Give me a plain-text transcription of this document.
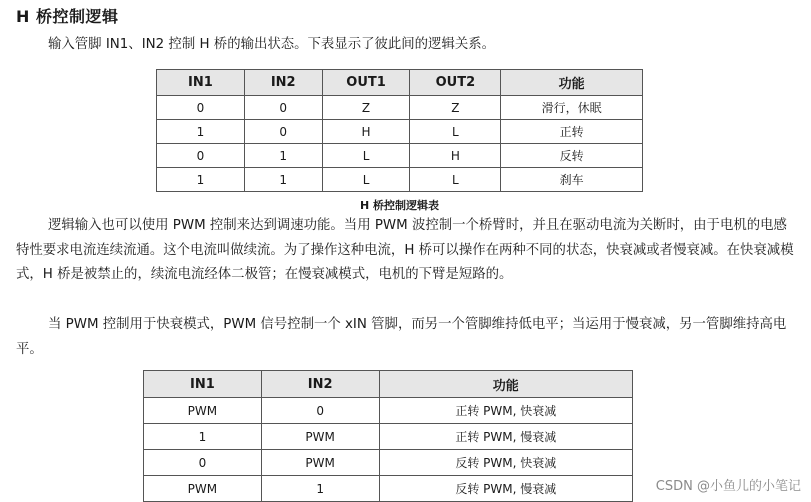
H 桥控制逻辑

输入管脚 IN1、IN2 控制 H 桥的输出状态。下表显示了彼此间的逻辑关系。

IN1	IN2	OUT1	OUT2	功能
0	0	Z	Z	滑行，休眠
1	0	H	L	正转
0	1	L	H	反转
1	1	L	L	刹车
H 桥控制逻辑表

逻辑输入也可以使用 PWM 控制来达到调速功能。当用 PWM 波控制一个桥臂时，并且在驱动电流为关断时，由于电机的电感特性要求电流连续流通。这个电流叫做续流。为了操作这种电流，H 桥可以操作在两种不同的状态，快衰减或者慢衰减。在快衰减模式，H 桥是被禁止的，续流电流经体二极管；在慢衰减模式，电机的下臂是短路的。

当 PWM 控制用于快衰模式，PWM 信号控制一个 xIN 管脚，而另一个管脚维持低电平；当运用于慢衰减，另一管脚维持高电平。

IN1	IN2	功能
PWM	0	正转 PWM, 快衰减
1	PWM	正转 PWM, 慢衰减
0	PWM	反转 PWM, 快衰减
PWM	1	反转 PWM, 慢衰减	CSDN @小鱼儿的小笔记
